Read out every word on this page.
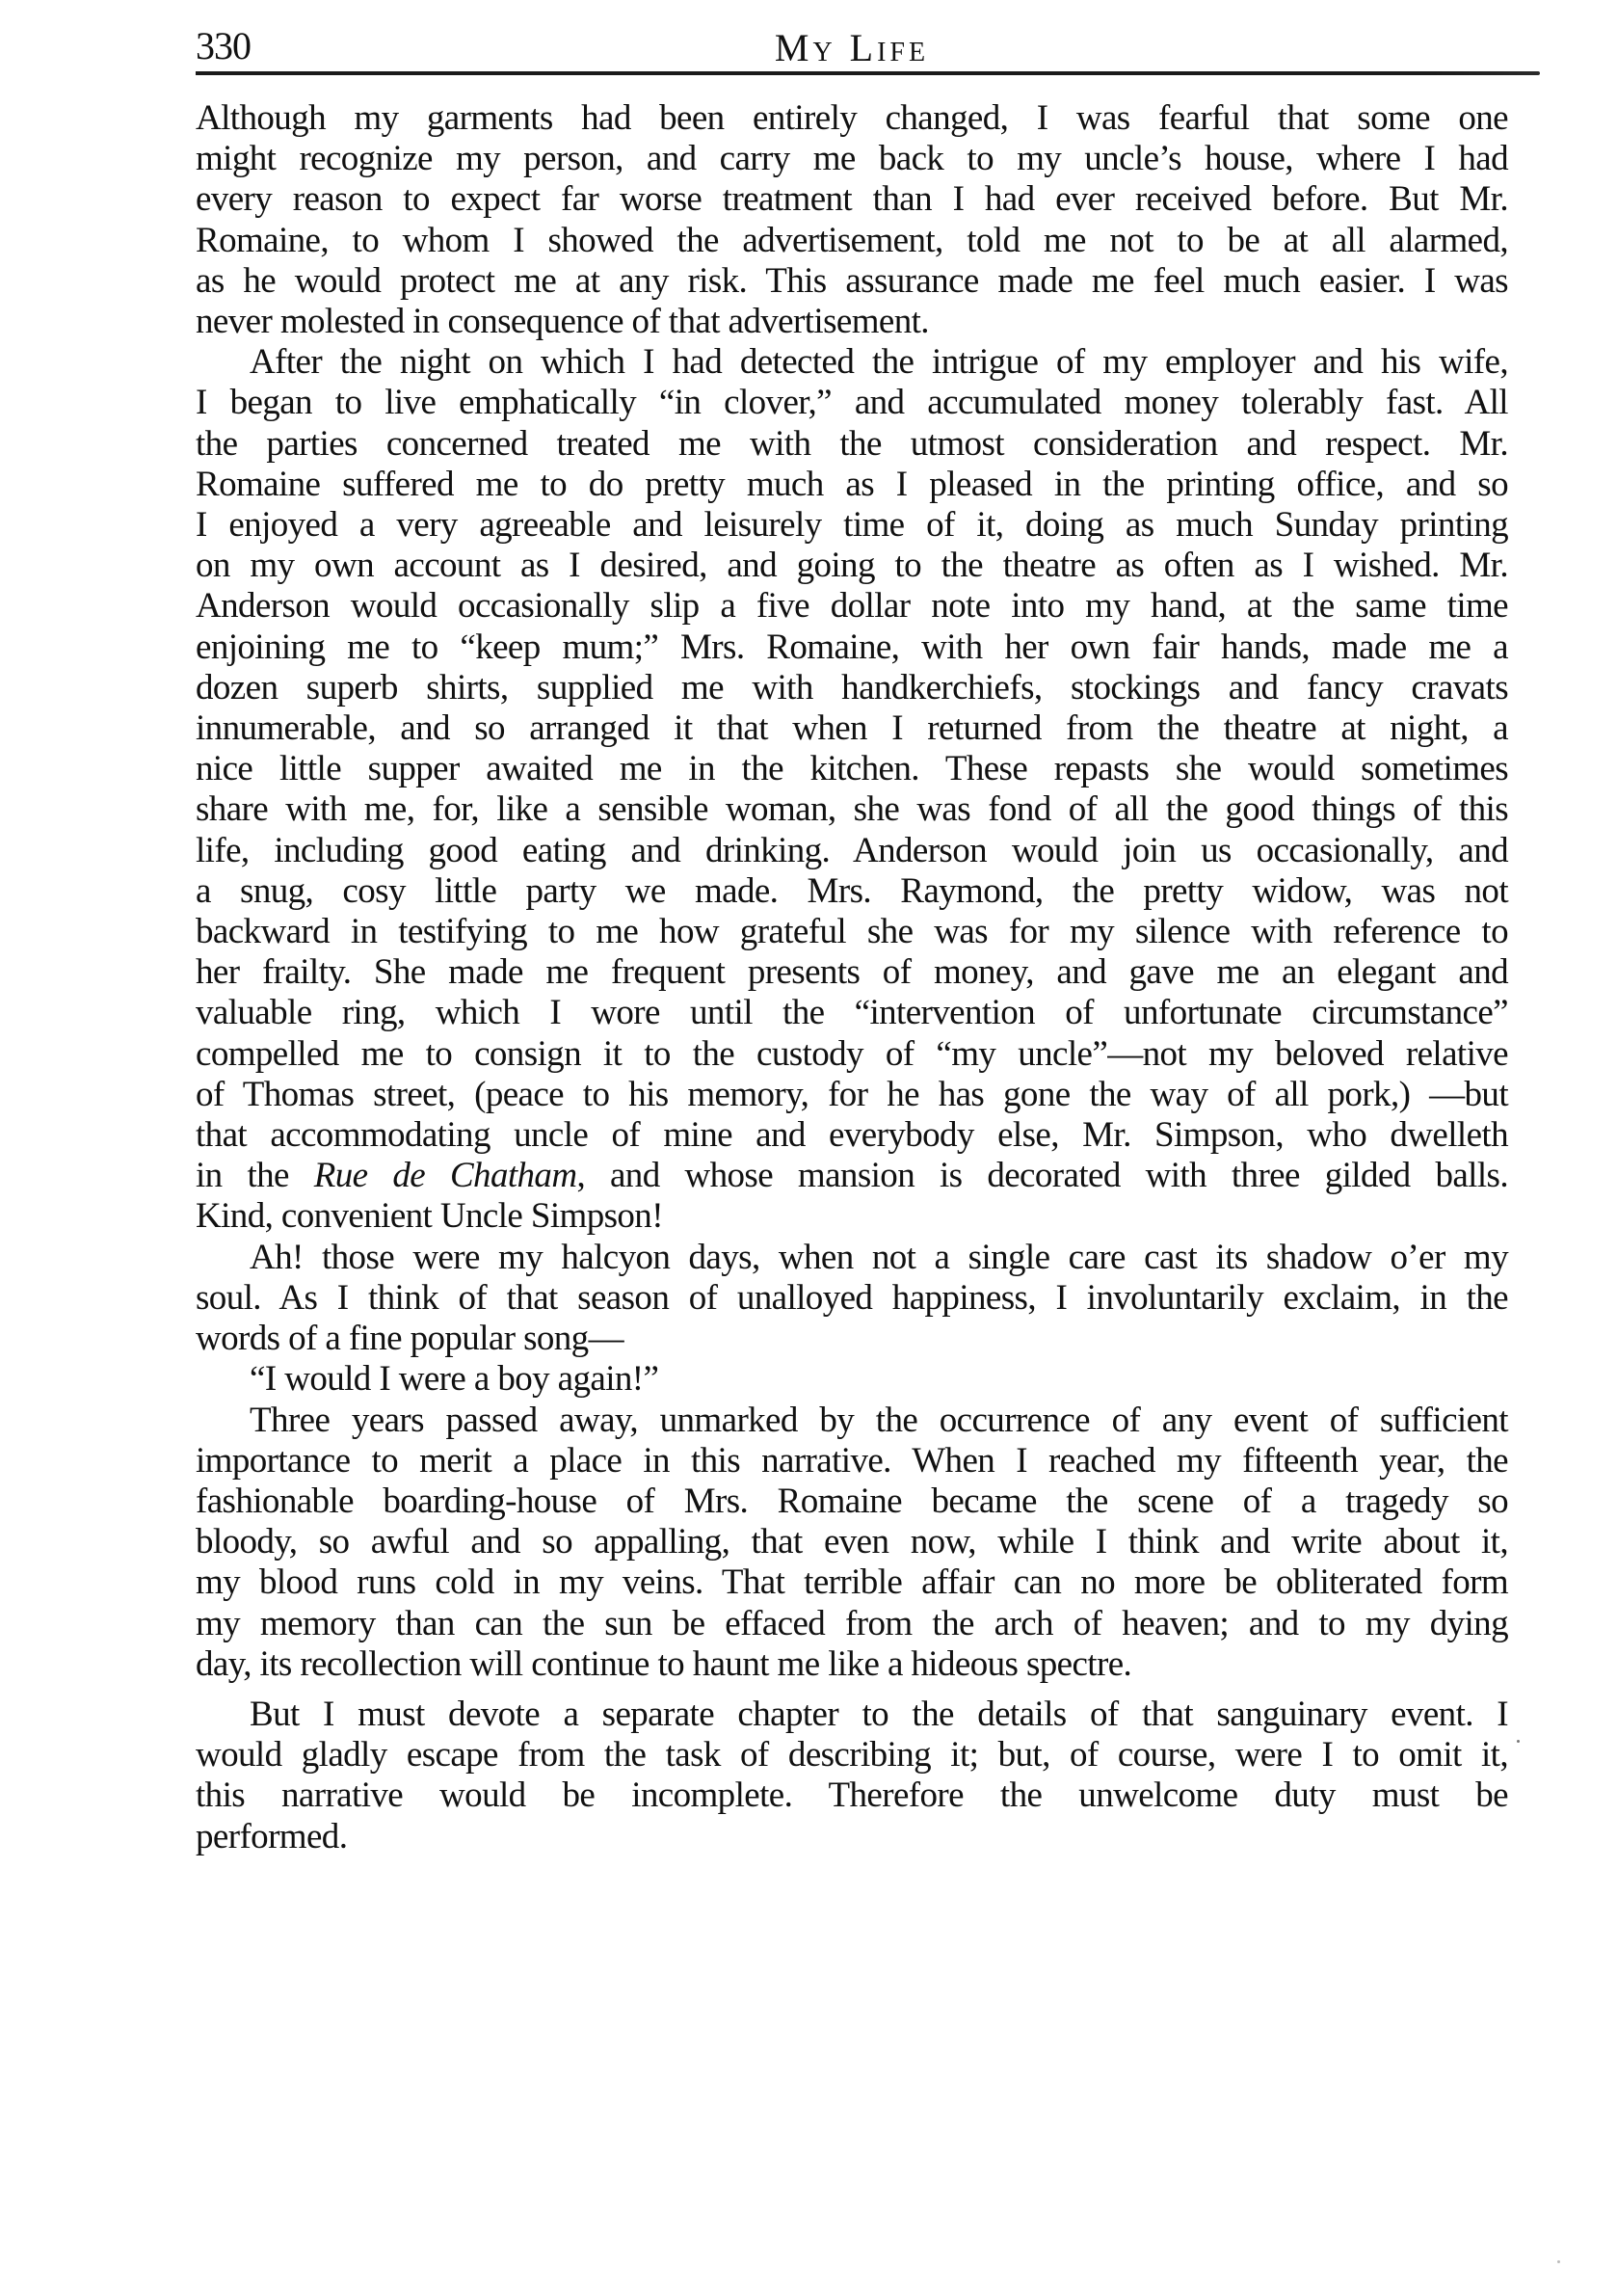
330	My Life
Although my garments had been entirely changed, I was fearful that some one
might recognize my person, and carry me back to my uncle’s house, where I had
every reason to expect far worse treatment than I had ever received before. But Mr.
Romaine, to whom I showed the advertisement, told me not to be at all alarmed,
as he would protect me at any risk. This assurance made me feel much easier. I was
never molested in consequence of that advertisement.
After the night on which I had detected the intrigue of my employer and his wife,
I began to live emphatically “in clover,” and accumulated money tolerably fast. All
the parties concerned treated me with the utmost consideration and respect. Mr.
Romaine suffered me to do pretty much as I pleased in the printing office, and so
I enjoyed a very agreeable and leisurely time of it, doing as much Sunday printing
on my own account as I desired, and going to the theatre as often as I wished. Mr.
Anderson would occasionally slip a five dollar note into my hand, at the same time
enjoining me to “keep mum;” Mrs. Romaine, with her own fair hands, made me a
dozen superb shirts, supplied me with handkerchiefs, stockings and fancy cravats
innumerable, and so arranged it that when I returned from the theatre at night, a
nice little supper awaited me in the kitchen. These repasts she would sometimes
share with me, for, like a sensible woman, she was fond of all the good things of this
life, including good eating and drinking. Anderson would join us occasionally, and
a snug, cosy little party we made. Mrs. Raymond, the pretty widow, was not
backward in testifying to me how grateful she was for my silence with reference to
her frailty. She made me frequent presents of money, and gave me an elegant and
valuable ring, which I wore until the “intervention of unfortunate circumstance”
compelled me to consign it to the custody of “my uncle”—not my beloved relative
of Thomas street, (peace to his memory, for he has gone the way of all pork,) —but
that accommodating uncle of mine and everybody else, Mr. Simpson, who dwelleth
in the Rue de Chatham, and whose mansion is decorated with three gilded balls.
Kind, convenient Uncle Simpson!
Ah! those were my halcyon days, when not a single care cast its shadow o’er my
soul. As I think of that season of unalloyed happiness, I involuntarily exclaim, in the
words of a fine popular song—
“I would I were a boy again!”
Three years passed away, unmarked by the occurrence of any event of sufficient
importance to merit a place in this narrative. When I reached my fifteenth year, the
fashionable boarding-house of Mrs. Romaine became the scene of a tragedy so
bloody, so awful and so appalling, that even now, while I think and write about it,
my blood runs cold in my veins. That terrible affair can no more be obliterated form
my memory than can the sun be effaced from the arch of heaven; and to my dying
day, its recollection will continue to haunt me like a hideous spectre.
But I must devote a separate chapter to the details of that sanguinary event. I
would gladly escape from the task of describing it; but, of course, were I to omit it,
this narrative would be incomplete. Therefore the unwelcome duty must be
performed.
